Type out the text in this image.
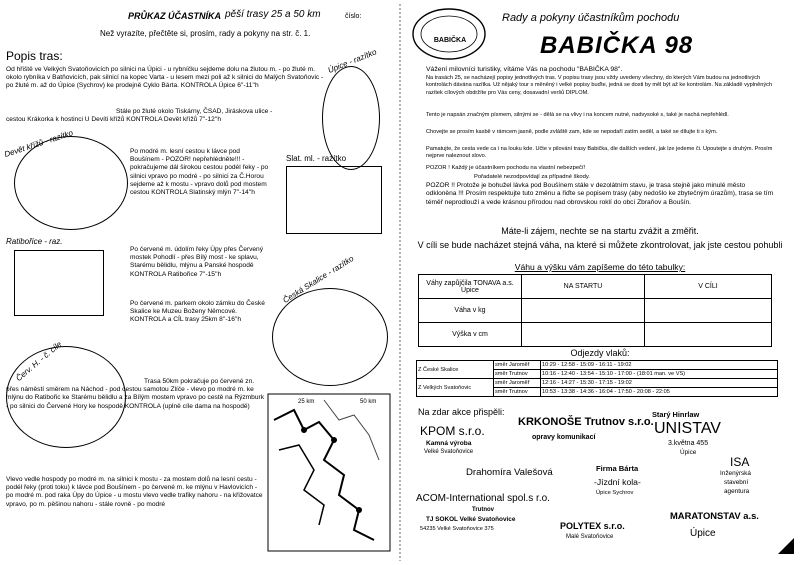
PRŮKAZ ÚČASTNÍKA pěší trasy 25 a 50 km	číslo:
Než vyrazíte, přečtěte si, prosím, rady a pokyny na str. č. 1.
Popis tras:
Od hřiště ve Velkých Svatoňovicích po silnici na Úpici - u rybníčku sejdeme dolu na žlutou m. - po žluté m. okolo rybníka v Batňovicích, pak silnicí na kopec Varta - u lesem mezi poli až k silnici do Malých Svatoňovic - po žluté m. až do Úpice (Sychrov) ke prodejně Cyklo Bárta. KONTROLA Úpice 6''-11''h
Stále po žluté okolo Tiskárny, ČSAD, Jiráskova ulice - cestou Krákorka k hostinci U Devíti křížů KONTROLA Devět křížů 7''-12''h
Po modré m. lesní cestou k lávce pod Boušínem - POZOR! nepřehlédněte!!! - pokračujeme dál širokou cestou podél řeky - po silnici vpravo po modré - po silnici za Č.Horou sejdeme až k mostu - vpravo dolů pod mostem cestou KONTROLA Slatinský mlýn 7''-14''h
Po červené m. údolím řeky Úpy přes Červený mostek Pohodlí - přes Bílý most - ke splavu, Starému bělidlu, mlýnu a Panské hospodě KONTROLA Ratibořice 7''-15''h
Po červené m. parkem okolo zámku do České Skalice ke Muzeu Boženy Němcové. KONTROLA a CÍL trasy 25km 8''-16''h
Trasa 50km pokračuje po červené zn. přes náměstí směrem na Náchod - pod cestou samotou Zlíče - vlevo po modré m. ke mlýnu do Ratibořic ke Starému bělidlu a za Bílým mostem vpravo po cestě na Rýzmburk - po silnici do Červené Hory ke hospodě KONTROLA (uplně cíle dama na hospodě)
Vlevo vedle hospody po modré m. na silnici k mostu - za mostem dolů na lesní cestu - podél řeky (proti toku) k lávce pod Boušínem - po červené m. ke mlýnu v Havlovicích - po modré m. pod raka Úpy do Úpice - u mostu vlevo vedle trafiky nahoru - na křižovatce vpravo, po m. pěšinou nahoru - stále rovně - po modré
Úpice - razítko
Devět křížů - razítko	Slat. ml. - razítko
Ratibořice - raz.
Česká Skalice - razítko
Červ. H. - č. cíle
25 km	50 km
BABIČKA
Rady a pokyny účastníkům pochodu
BABIČKA 98
Vážení milovníci turistiky, vítáme Vás na pochodu "BABIČKA 98".
Na trasách 25, se nacházejí popisy jednotlivých tras. V popisu trasy jsou vždy uvedeny všechny, do kterých Vám budou na jednotlivých kontrolách dávána razítka. Už nějaký tour s měněný i velké popisy buďte, jedná se dosti by měl být až ke kontrolám. Na základě vyplněných razítek cílových obdržíte pro Vás ceny, dosavadní veršů DIPLOM.
Tento je napsán značným písmem, silnými se - dělá se na vlivy i na koncem nutné, nadvysoké s, také je nachá nepřehlédl.
Chovejte se prosím kasbě v rámcem jasně, podle zvláště zam, kde se nepodaří zatím seděl, a také se dílujte ti s kým.
Pamatujte, že cesta vede ca i na louku kde. Učte v pilování trasy Babička, dle dalších vedení, jak lze jedeme či. Upoutejte s druhým. Prosím nejprve naleznout slovo.
POZOR ! Každý je účastníkem pochodu na vlastní nebezpečí!
Pořadatelé nezodpovídají za případné škody.
POZOR !! Protože je bohužel lávka pod Boušínem stále v dezolátním stavu, je trasa stejně jako minulé město odkloněna !!! Prosím respektujte tuto změnu a řiďte se popisem trasy (aby nedošlo ke zbytečným úrazům), trasa se tím téměř neprodlouží a vede krásnou přírodou nad obrovskou roklí do obcí Zbraňov a Boušín.
Máte-li zájem, nechte se na startu zvážit a změřit.
V cíli se bude nacházet stejná váha, na které si můžete zkontrolovat, jak jste cestou pohubli
Váhu a výšku vám zapíšeme do této tabulky:
Váhy zapůjčila TONAVA a.s. Úpice	NA STARTU	V CÍLI
Váha v kg		
Výška v cm		
Odjezdy vlaků:
Z České Skalice	směr Jaroměř	10:29 - 12:58 - 15:09 - 16:11 - 19:02
	směr Trutnov	10:16 - 12:40 - 13:54 - 15:10 - 17:00 - (18:01 man. ve VS)
Z Velkých Svatoňovic	směr Jaroměř	12:16 - 14:27 - 15:30 - 17:15 - 19:02
	směr Trutnov	10:53 - 13:38 - 14:36 - 16:04 - 17:50 - 20:08 - 22:05
Na zdar akce přispěli:
KPOM s.r.o.
Kamná výroba
Velké Svatoňovice
KRKONOŠE Trutnov s.r.o.
opravy komunikací
Starý Hinrlaw
UNISTAV
3.května 455
Úpice
Drahomíra Valešová	Firma Bárta
-Jízdní kola-
Úpice Sychrov
ISA
Inženýrská
stavební
agentura
ACOM-International spol.s r.o.
Trutnov
TJ SOKOL Velké Svatoňovice
54235 Velké Svatoňovice 375	POLYTEX s.r.o.
Malé Svatoňovice
MARATONSTAV a.s.
Úpice
